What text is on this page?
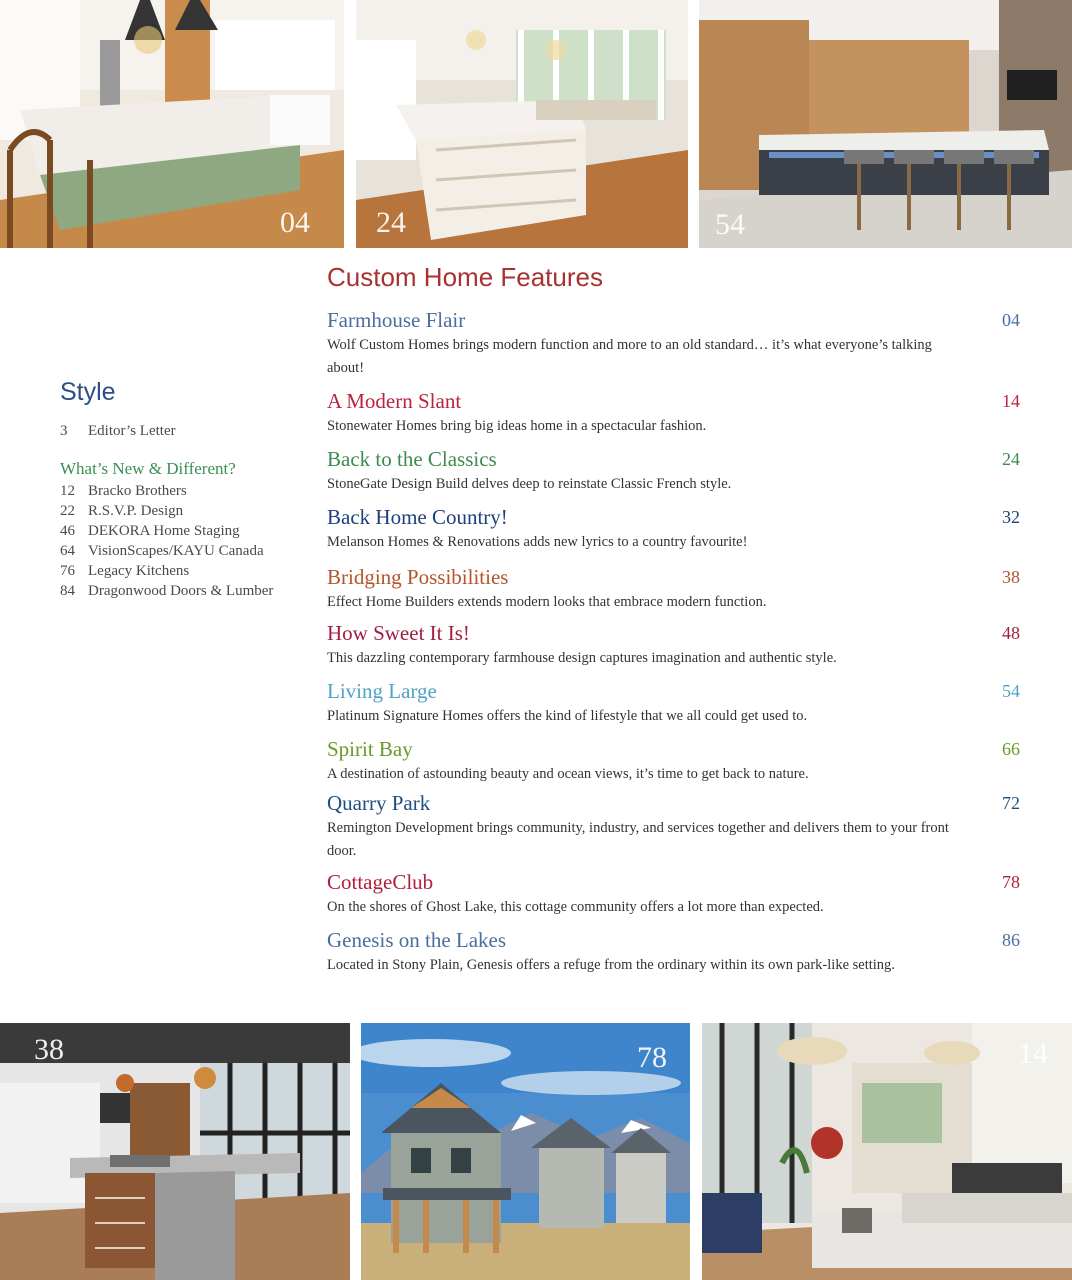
04 24	54
Style
3 Editor’s Letter
What’s New & Different?
12 Bracko Brothers
22 R.S.V.P. Design
46 DEKORA Home Staging
64 VisionScapes/KAYU Canada
76 Legacy Kitchens
84 Dragonwood Doors & Lumber
Custom Home Features
Farmhouse Flair	04
Wolf Custom Homes brings modern function and more to an old standard… it’s what everyone’s talking about!
A Modern Slant	14
Stonewater Homes bring big ideas home in a spectacular fashion.
Back to the Classics	24
StoneGate Design Build delves deep to reinstate Classic French style.
Back Home Country!	32
Melanson Homes & Renovations adds new lyrics to a country favourite!
Bridging Possibilities	38
Effect Home Builders extends modern looks that embrace modern function.
How Sweet It Is!	48
This dazzling contemporary farmhouse design captures imagination and authentic style.
Living Large	54
Platinum Signature Homes offers the kind of lifestyle that we all could get used to.
Spirit Bay	66
A destination of astounding beauty and ocean views, it’s time to get back to nature.
Quarry Park	72
Remington Development brings community, industry, and services together and delivers them to your front door.
CottageClub	78
On the shores of Ghost Lake, this cottage community offers a lot more than expected.
Genesis on the Lakes	86
Located in Stony Plain, Genesis offers a refuge from the ordinary within its own park-like setting.
38	78	14
